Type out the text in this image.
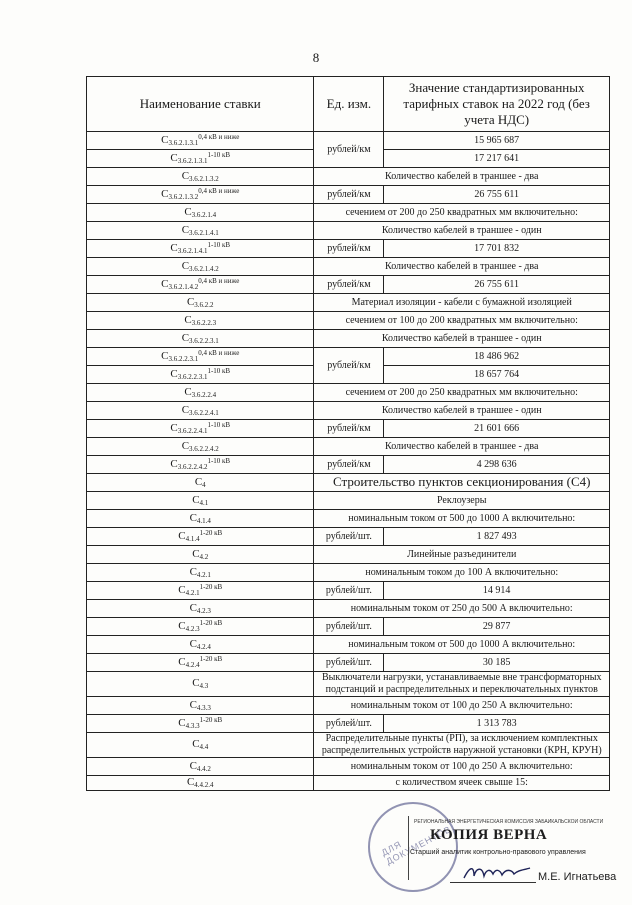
8
Наименование ставки	Ед. изм.	Значение стандартизированных тарифных ставок на 2022 год (без учета НДС)
$С_{3.6.2.1.3.1}^{0,4 кВ и ниже}$	рублей/км	15 965 687
$С_{3.6.2.1.3.1}^{1-10 кВ}$		17 217 641
$С_{3.6.2.1.3.2}$	Количество кабелей в траншее - два	
$С_{3.6.2.1.3.2}^{0,4 кВ и ниже}$	рублей/км	26 755 611
$С_{3.6.2.1.4}$	сечением от 200 до 250 квадратных мм включительно:	
$С_{3.6.2.1.4.1}$	Количество кабелей в траншее - один	
$С_{3.6.2.1.4.1}^{1-10 кВ}$	рублей/км	17 701 832
$С_{3.6.2.1.4.2}$	Количество кабелей в траншее - два	
$С_{3.6.2.1.4.2}^{0,4 кВ и ниже}$	рублей/км	26 755 611
$С_{3.6.2.2}$	Материал изоляции - кабели с бумажной изоляцией	
$С_{3.6.2.2.3}$	сечением от 100 до 200 квадратных мм включительно:	
$С_{3.6.2.2.3.1}$	Количество кабелей в траншее - один	
$С_{3.6.2.2.3.1}^{0,4 кВ и ниже}$	рублей/км	18 486 962
$С_{3.6.2.2.3.1}^{1-10 кВ}$		18 657 764
$С_{3.6.2.2.4}$	сечением от 200 до 250 квадратных мм включительно:	
$С_{3.6.2.2.4.1}$	Количество кабелей в траншее - один	
$С_{3.6.2.2.4.1}^{1-10 кВ}$	рублей/км	21 601 666
$С_{3.6.2.2.4.2}$	Количество кабелей в траншее - два	
$С_{3.6.2.2.4.2}^{1-10 кВ}$	рублей/км	4 298 636
$С_4$	Строительство пунктов секционирования (С4)	
$С_{4.1}$	Реклоузеры	
$С_{4.1.4}$	номинальным током от 500 до 1000 А включительно:	
$С_{4.1.4}^{1-20 кВ}$	рублей/шт.	1 827 493
$С_{4.2}$	Линейные разъединители	
$С_{4.2.1}$	номинальным током до 100 А включительно:	
$С_{4.2.1}^{1-20 кВ}$	рублей/шт.	14 914
$С_{4.2.3}$	номинальным током от 250 до 500 А включительно:	
$С_{4.2.3}^{1-20 кВ}$	рублей/шт.	29 877
$С_{4.2.4}$	номинальным током от 500 до 1000 А включительно:	
$С_{4.2.4}^{1-20 кВ}$	рублей/шт.	30 185
$С_{4.3}$	Выключатели нагрузки, устанавливаемые вне трансформаторных подстанций и распределительных и переключательных пунктов	
$С_{4.3.3}$	номинальным током от 100 до 250 А включительно:	
$С_{4.3.3}^{1-20 кВ}$	рублей/шт.	1 313 783
$С_{4.4}$	Распределительные пункты (РП), за исключением комплектных распределительных устройств наружной установки (КРН, КРУН)	
$С_{4.4.2}$	номинальным током от 100 до 250 А включительно:	
$С_{4.4.2.4}$	с количеством ячеек свыше 15:	
ДЛЯ ДОКУМЕНТОВ
РЕГИОНАЛЬНАЯ ЭНЕРГЕТИЧЕСКАЯ КОМИССИЯ ЗАБАЙКАЛЬСКОЙ ОБЛАСТИ
КОПИЯ ВЕРНА
Старший аналитик контрольно-правового управления
М.Е. Игнатьева
